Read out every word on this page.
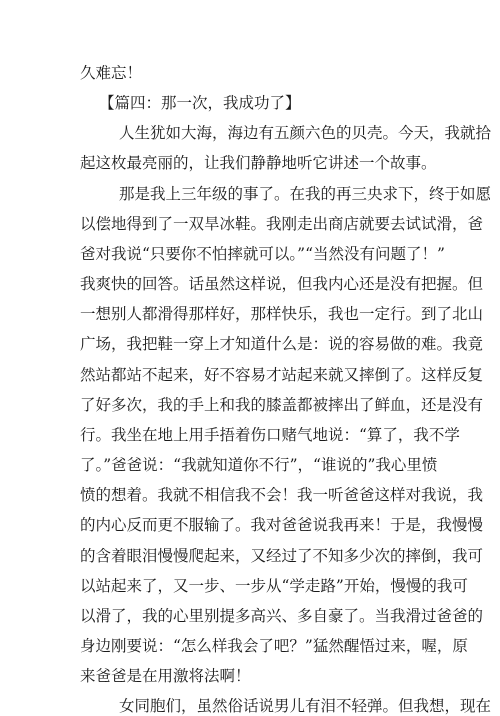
久难忘！
【篇四：那一次，我成功了】
人生犹如大海，海边有五颜六色的贝壳。今天，我就拾
起这枚最亮丽的，让我们静静地听它讲述一个故事。
那是我上三年级的事了。在我的再三央求下，终于如愿
以偿地得到了一双旱冰鞋。我刚走出商店就要去试试滑，爸
爸对我说“只要你不怕摔就可以。”“当然没有问题了！”
我爽快的回答。话虽然这样说，但我内心还是没有把握。但
一想别人都滑得那样好，那样快乐，我也一定行。到了北山
广场，我把鞋一穿上才知道什么是：说的容易做的难。我竟
然站都站不起来，好不容易才站起来就又摔倒了。这样反复
了好多次，我的手上和我的膝盖都被摔出了鲜血，还是没有
行。我坐在地上用手捂着伤口赌气地说：“算了，我不学
了。”爸爸说：“我就知道你不行”，“谁说的”我心里愤
愤的想着。我就不相信我不会！我一听爸爸这样对我说，我
的内心反而更不服输了。我对爸爸说我再来！于是，我慢慢
的含着眼泪慢慢爬起来，又经过了不知多少次的摔倒，我可
以站起来了，又一步、一步从“学走路”开始，慢慢的我可
以滑了，我的心里别提多高兴、多自豪了。当我滑过爸爸的
身边刚要说：“怎么样我会了吧？”猛然醒悟过来，喔，原
来爸爸是在用激将法啊！
女同胞们，虽然俗话说男儿有泪不轻弹。但我想，现在
